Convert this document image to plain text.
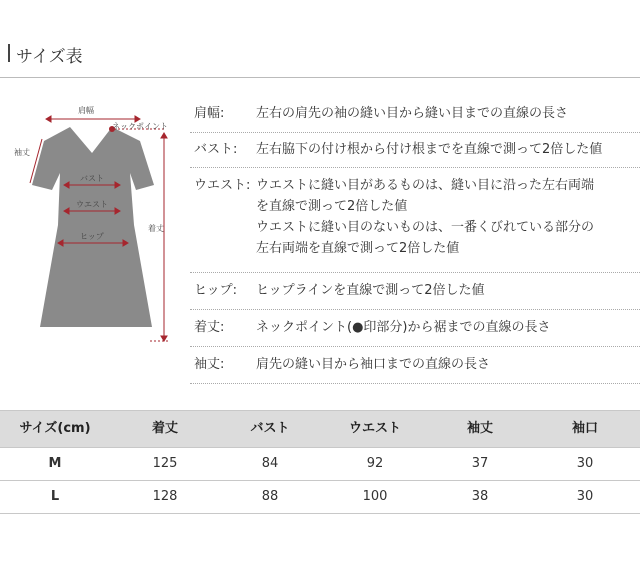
サイズ表
肩幅
ネックポイント
袖丈
バスト
ウエスト
ヒップ
着丈
肩幅: 左右の肩先の袖の縫い目から縫い目までの直線の長さ
バスト: 左右脇下の付け根から付け根までを直線で測って2倍した値
ウエスト: ウエストに縫い目があるものは、縫い目に沿った左右両端
を直線で測って2倍した値
ウエストに縫い目のないものは、一番くびれている部分の
左右両端を直線で測って2倍した値
ヒップ: ヒップラインを直線で測って2倍した値
着丈: ネックポイント(●印部分)から裾までの直線の長さ
袖丈: 肩先の縫い目から袖口までの直線の長さ
サイズ(cm)	着丈	バスト	ウエスト	袖丈	袖口
M	125	84	92	37	30
L	128	88	100	38	30
